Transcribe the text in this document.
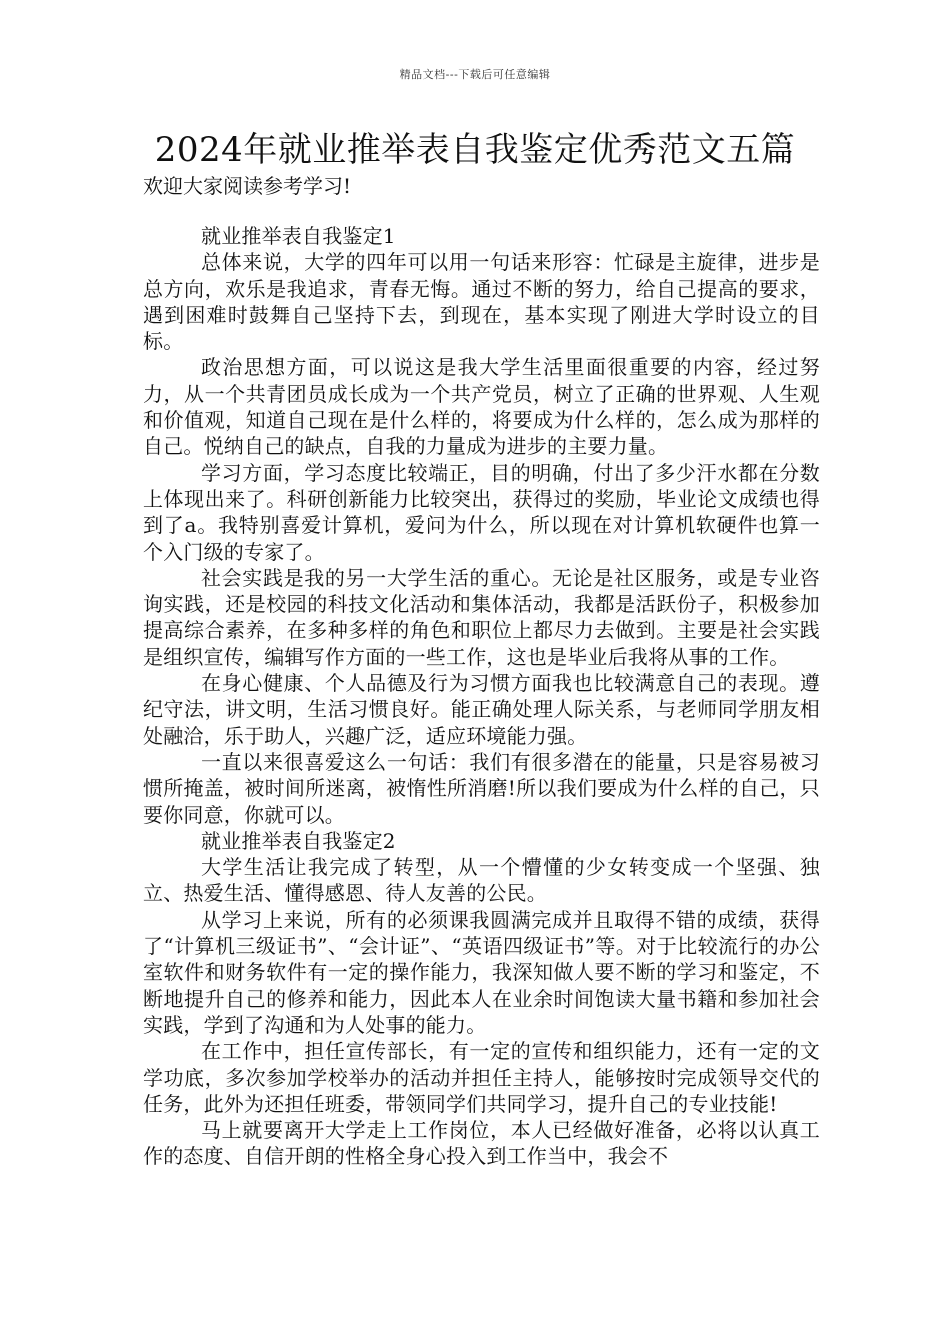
精品文档---下载后可任意编辑
2024年就业推举表自我鉴定优秀范文五篇
欢迎大家阅读参考学习!

就业推举表自我鉴定1

总体来说，大学的四年可以用一句话来形容：忙碌是主旋律，进步是总方向，欢乐是我追求，青春无悔。通过不断的努力，给自己提高的要求，遇到困难时鼓舞自己坚持下去，到现在，基本实现了刚进大学时设立的目标。

政治思想方面，可以说这是我大学生活里面很重要的内容，经过努力，从一个共青团员成长成为一个共产党员，树立了正确的世界观、人生观和价值观，知道自己现在是什么样的，将要成为什么样的，怎么成为那样的自己。悦纳自己的缺点，自我的力量成为进步的主要力量。

学习方面，学习态度比较端正，目的明确，付出了多少汗水都在分数上体现出来了。科研创新能力比较突出，获得过的奖励，毕业论文成绩也得到了a。我特别喜爱计算机，爱问为什么，所以现在对计算机软硬件也算一个入门级的专家了。

社会实践是我的另一大学生活的重心。无论是社区服务，或是专业咨询实践，还是校园的科技文化活动和集体活动，我都是活跃份子，积极参加提高综合素养，在多种多样的角色和职位上都尽力去做到。主要是社会实践是组织宣传，编辑写作方面的一些工作，这也是毕业后我将从事的工作。

在身心健康、个人品德及行为习惯方面我也比较满意自己的表现。遵纪守法，讲文明，生活习惯良好。能正确处理人际关系，与老师同学朋友相处融洽，乐于助人，兴趣广泛，适应环境能力强。

一直以来很喜爱这么一句话：我们有很多潜在的能量，只是容易被习惯所掩盖，被时间所迷离，被惰性所消磨!所以我们要成为什么样的自己，只要你同意，你就可以。

就业推举表自我鉴定2

大学生活让我完成了转型，从一个懵懂的少女转变成一个坚强、独立、热爱生活、懂得感恩、待人友善的公民。

从学习上来说，所有的必须课我圆满完成并且取得不错的成绩，获得了“计算机三级证书”、“会计证”、“英语四级证书”等。对于比较流行的办公室软件和财务软件有一定的操作能力，我深知做人要不断的学习和鉴定，不断地提升自己的修养和能力，因此本人在业余时间饱读大量书籍和参加社会实践，学到了沟通和为人处事的能力。

在工作中，担任宣传部长，有一定的宣传和组织能力，还有一定的文学功底，多次参加学校举办的活动并担任主持人，能够按时完成领导交代的任务，此外为还担任班委，带领同学们共同学习，提升自己的专业技能!

马上就要离开大学走上工作岗位，本人已经做好准备，必将以认真工作的态度、自信开朗的性格全身心投入到工作当中，我会不
